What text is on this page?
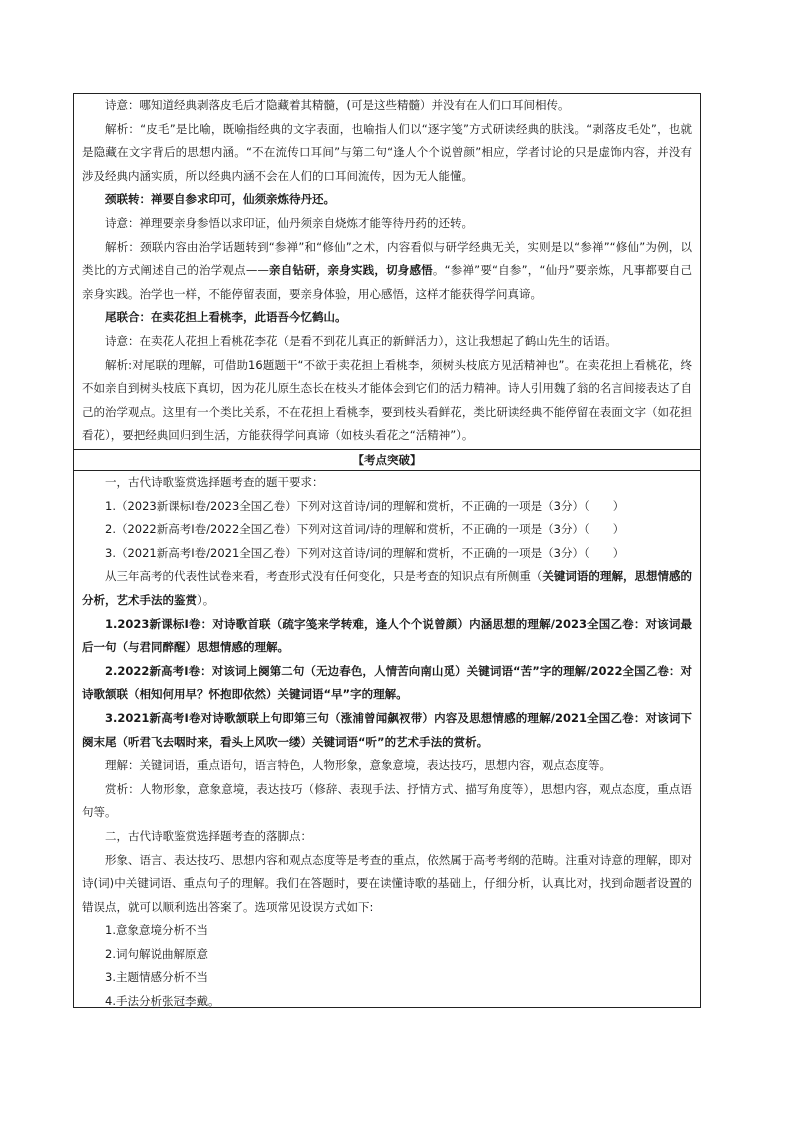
诗意：哪知道经典剥落皮毛后才隐藏着其精髓，(可是这些精髓）并没有在人们口耳间相传。

解析：“皮毛”是比喻，既喻指经典的文字表面，也喻指人们以“逐字笺”方式研读经典的肤浅。“剥落皮毛处”，也就是隐藏在文字背后的思想内涵。“不在流传口耳间”与第二句“逢人个个说曾颜”相应，学者讨论的只是虚饰内容，并没有涉及经典内涵实质，所以经典内涵不会在人们的口耳间流传，因为无人能懂。

颈联转：禅要自参求印可，仙须亲炼待丹还。

诗意：禅理要亲身参悟以求印证，仙丹须亲自烧炼才能等待丹药的还转。

解析：颈联内容由治学话题转到“参禅”和“修仙”之术，内容看似与研学经典无关，实则是以“参禅”“修仙”为例，以类比的方式阐述自己的治学观点——亲自钻研，亲身实践，切身感悟。“参禅”要“自参”，“仙丹”要亲炼，凡事都要自己亲身实践。治学也一样，不能停留表面，要亲身体验，用心感悟，这样才能获得学问真谛。

尾联合：在卖花担上看桃李，此语吾今忆鹤山。

诗意：在卖花人花担上看桃花李花（是看不到花儿真正的新鲜活力），这让我想起了鹤山先生的话语。

解析:对尾联的理解，可借助16题题干“不欲于卖花担上看桃李，须树头枝底方见活精神也”。在卖花担上看桃花，终不如亲自到树头枝底下真切，因为花儿原生态长在枝头才能体会到它们的活力精神。诗人引用魏了翁的名言间接表达了自己的治学观点。这里有一个类比关系，不在花担上看桃李，要到枝头看鲜花，类比研读经典不能停留在表面文字（如花担看花），要把经典回归到生活，方能获得学问真谛（如枝头看花之“活精神”）。

【考点突破】

一，古代诗歌鉴赏选择题考查的题干要求：

1.（2023新课标Ⅰ卷/2023全国乙卷）下列对这首诗/词的理解和赏析，不正确的一项是（3分）（　　）

2.（2022新高考Ⅰ卷/2022全国乙卷）下列对这首词/诗的理解和赏析，不正确的一项是（3分）（　　）

3.（2021新高考Ⅰ卷/2021全国乙卷）下列对这首诗/词的理解和赏析，不正确的一项是（3分）（　　）

从三年高考的代表性试卷来看，考查形式没有任何变化，只是考查的知识点有所侧重（关键词语的理解，思想情感的分析，艺术手法的鉴赏）。

1.2023新课标Ⅰ卷：对诗歌首联（疏字笺来学转难，逢人个个说曾颜）内涵思想的理解/2023全国乙卷：对该词最后一句（与君同醉醒）思想情感的理解。

2.2022新高考Ⅰ卷：对该词上阕第二句（无边春色，人情苦向南山觅）关键词语“苦”字的理解/2022全国乙卷：对诗歌颔联（相知何用早？怀抱即依然）关键词语“早”字的理解。

3.2021新高考Ⅰ卷对诗歌颔联上句即第三句（涨浦曾闻飙衩带）内容及思想情感的理解/2021全国乙卷：对该词下阕末尾（听君飞去咽时来，看头上风吹一缕）关键词语“听”的艺术手法的赏析。

理解：关键词语，重点语句，语言特色，人物形象，意象意境，表达技巧，思想内容，观点态度等。

赏析：人物形象，意象意境，表达技巧（修辞、表现手法、抒情方式、描写角度等），思想内容，观点态度，重点语句等。

二，古代诗歌鉴赏选择题考查的落脚点：

形象、语言、表达技巧、思想内容和观点态度等是考查的重点，依然属于高考考纲的范畴。注重对诗意的理解，即对诗(词)中关键词语、重点句子的理解。我们在答题时，要在读懂诗歌的基础上，仔细分析，认真比对，找到命题者设置的错误点，就可以顺利选出答案了。选项常见设误方式如下:

1.意象意境分析不当

2.词句解说曲解原意

3.主题情感分析不当

4.手法分析张冠李戴。
